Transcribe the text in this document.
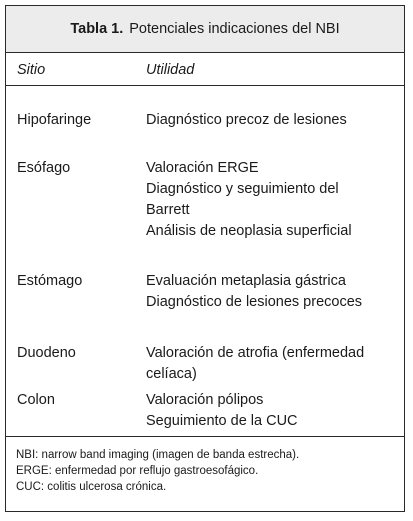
Tabla 1. Potenciales indicaciones del NBI
Sitio	Utilidad
Hipofaringe	Diagnóstico precoz de lesiones
Esófago	Valoración ERGE
Diagnóstico y seguimiento del
Barrett
Análisis de neoplasia superficial
Estómago	Evaluación metaplasia gástrica
Diagnóstico de lesiones precoces
Duodeno	Valoración de atrofia (enfermedad
celíaca)
Colon	Valoración pólipos
Seguimiento de la CUC
NBI: narrow band imaging (imagen de banda estrecha).
ERGE: enfermedad por reflujo gastroesofágico.
CUC: colitis ulcerosa crónica.
